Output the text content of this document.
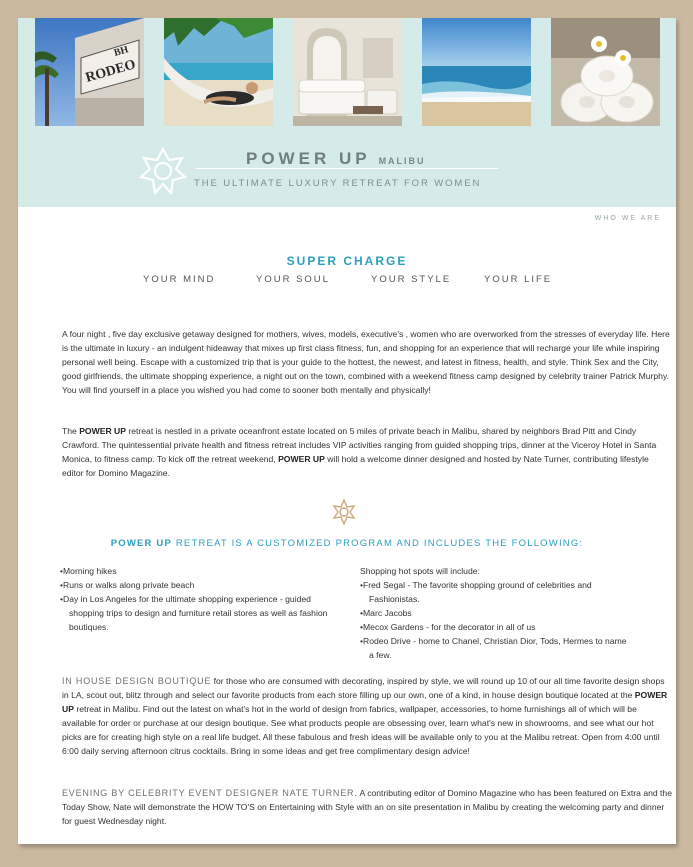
RODEO
BH
POWER UP MALIBU
THE ULTIMATE LUXURY RETREAT FOR WOMEN
WHO WE ARE
SUPER CHARGE
YOUR MIND	YOUR SOUL	YOUR STYLE	YOUR LIFE

A four night , five day exclusive getaway designed for mothers, wives, models, executive's , women who are overworked from the stresses of everyday life. Here is the ultimate in luxury - an indulgent hideaway that mixes up first class fitness, fun, and shopping for an experience that will recharge your life while inspiring personal well being. Escape with a customized trip that is your guide to the hottest, the newest, and latest in fitness, health, and style. Think Sex and the City, good girlfriends, the ultimate shopping experience, a night out on the town, combined with a weekend fitness camp designed by celebrity trainer Patrick Murphy. You will find yourself in a place you wished you had come to sooner both mentally and physically!

The POWER UP retreat is nestled in a private oceanfront estate located on 5 miles of private beach in Malibu, shared by neighbors Brad Pitt and Cindy Crawford. The quintessential private health and fitness retreat includes VIP activities ranging from guided shopping trips, dinner at the Viceroy Hotel in Santa Monica, to fitness camp. To kick off the retreat weekend, POWER UP will hold a welcome dinner designed and hosted by Nate Turner, contributing lifestyle editor for Domino Magazine.

POWER UP RETREAT IS A CUSTOMIZED PROGRAM AND INCLUDES THE FOLLOWING:
• Morning hikes
• Runs or walks along private beach
• Day in Los Angeles for the ultimate shopping experience - guided shopping trips to design and furniture retail stores as well as fashion boutiques.
Shopping hot spots will include:
• Fred Segal - The favorite shopping ground of celebrities and Fashionistas.
• Marc Jacobs
• Mecox Gardens - for the decorator in all of us
• Rodeo Drive - home to Chanel, Christian Dior, Tods, Hermes to name a few.

IN HOUSE DESIGN BOUTIQUE for those who are consumed with decorating, inspired by style, we will round up 10 of our all time favorite design shops in LA, scout out, blitz through and select our favorite products from each store filling up our own, one of a kind, in house design boutique located at the POWER UP retreat in Malibu. Find out the latest on what's hot in the world of design from fabrics, wallpaper, accessories, to home furnishings all of which will be available for order or purchase at our design boutique. See what products people are obsessing over, learn what's new in showrooms, and see what our hot picks are for creating high style on a real life budget. All these fabulous and fresh ideas will be available only to you at the Malibu retreat. Open from 4:00 until 6:00 daily serving afternoon citrus cocktails. Bring in some ideas and get free complimentary design advice!

EVENING BY CELEBRITY EVENT DESIGNER NATE TURNER. A contributing editor of Domino Magazine who has been featured on Extra and the Today Show, Nate will demonstrate the HOW TO'S on Entertaining with Style with an on site presentation in Malibu by creating the welcoming party and dinner for guest Wednesday night.
